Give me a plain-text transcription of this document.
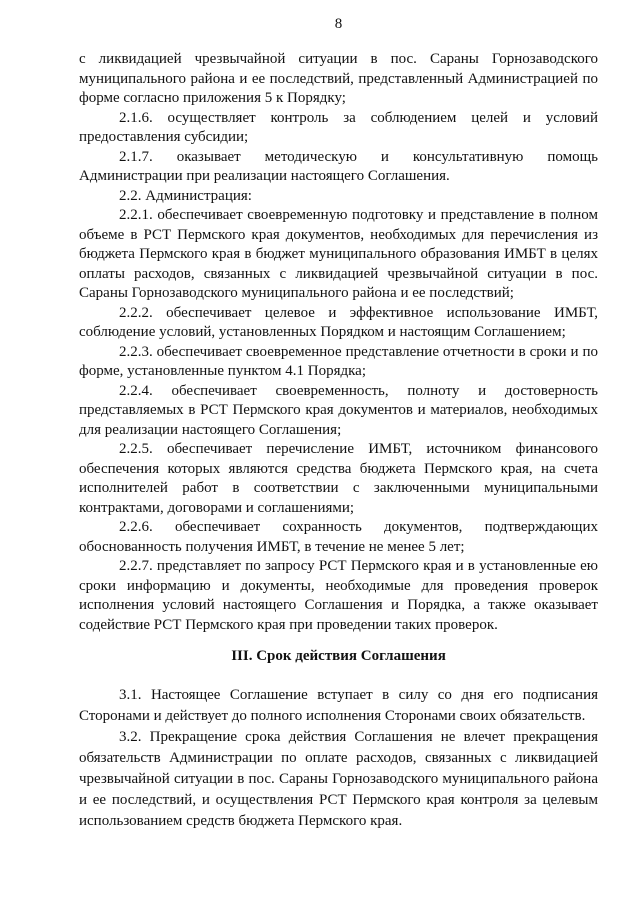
8

с ликвидацией чрезвычайной ситуации в пос. Сараны Горнозаводского муниципального района и ее последствий, представленный Администрацией по форме согласно приложения 5 к Порядку;

2.1.6. осуществляет контроль за соблюдением целей и условий предоставления субсидии;

2.1.7. оказывает методическую и консультативную помощь Администрации при реализации настоящего Соглашения.

2.2. Администрация:

2.2.1. обеспечивает своевременную подготовку и представление в полном объеме в РСТ Пермского края документов, необходимых для перечисления из бюджета Пермского края в бюджет муниципального образования ИМБТ в целях оплаты расходов, связанных с ликвидацией чрезвычайной ситуации в пос. Сараны Горнозаводского муниципального района и ее последствий;

2.2.2. обеспечивает целевое и эффективное использование ИМБТ, соблюдение условий, установленных Порядком и настоящим Соглашением;

2.2.3. обеспечивает своевременное представление отчетности в сроки и по форме, установленные пунктом 4.1 Порядка;

2.2.4. обеспечивает своевременность, полноту и достоверность представляемых в РСТ Пермского края документов и материалов, необходимых для реализации настоящего Соглашения;

2.2.5. обеспечивает перечисление ИМБТ, источником финансового обеспечения которых являются средства бюджета Пермского края, на счета исполнителей работ в соответствии с заключенными муниципальными контрактами, договорами и соглашениями;

2.2.6. обеспечивает сохранность документов, подтверждающих обоснованность получения ИМБТ, в течение не менее 5 лет;

2.2.7. представляет по запросу РСТ Пермского края и в установленные ею сроки информацию и документы, необходимые для проведения проверок исполнения условий настоящего Соглашения и Порядка, а также оказывает содействие РСТ Пермского края при проведении таких проверок.

III. Срок действия Соглашения

3.1. Настоящее Соглашение вступает в силу со дня его подписания Сторонами и действует до полного исполнения Сторонами своих обязательств.

3.2. Прекращение срока действия Соглашения не влечет прекращения обязательств Администрации по оплате расходов, связанных с ликвидацией чрезвычайной ситуации в пос. Сараны Горнозаводского муниципального района и ее последствий, и осуществления РСТ Пермского края контроля за целевым использованием средств бюджета Пермского края.
